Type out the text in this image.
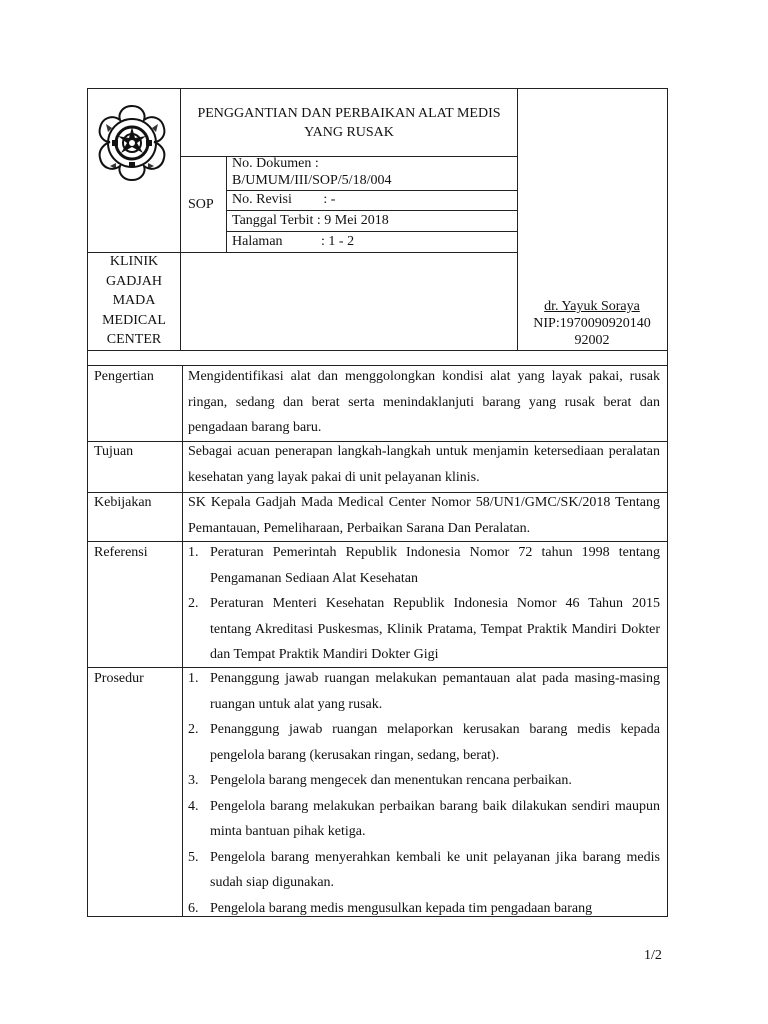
PENGGANTIAN DAN PERBAIKAN ALAT MEDIS YANG RUSAK
SOP
No. Dokumen :
B/UMUM/III/SOP/5/18/004
No. Revisi         : -
Tanggal Terbit : 9 Mei 2018
Halaman           : 1 - 2
KLINIK
GADJAH
MADA
MEDICAL
CENTER
dr. Yayuk Soraya
NIP:1970090920140
92002
Pengertian Mengidentifikasi alat dan menggolongkan kondisi alat yang layak pakai, rusak ringan, sedang dan berat serta menindaklanjuti barang yang rusak berat dan pengadaan barang baru.
Tujuan	Sebagai acuan penerapan langkah-langkah untuk menjamin ketersediaan peralatan kesehatan yang layak pakai di unit pelayanan klinis.
Kebijakan	SK Kepala Gadjah Mada Medical Center Nomor 58/UN1/GMC/SK/2018 Tentang Pemantauan, Pemeliharaan, Perbaikan Sarana Dan Peralatan.
Referensi	1. Peraturan Pemerintah Republik Indonesia Nomor 72 tahun 1998 tentang Pengamanan Sediaan Alat Kesehatan
2. Peraturan Menteri Kesehatan Republik Indonesia Nomor 46 Tahun 2015 tentang Akreditasi Puskesmas, Klinik Pratama, Tempat Praktik Mandiri Dokter dan Tempat Praktik Mandiri Dokter Gigi
Prosedur	1. Penanggung jawab ruangan melakukan pemantauan alat pada masing-masing ruangan untuk alat yang rusak.
2. Penanggung jawab ruangan melaporkan kerusakan barang medis kepada pengelola barang (kerusakan ringan, sedang, berat).
3. Pengelola barang mengecek dan menentukan rencana perbaikan.
4. Pengelola barang melakukan perbaikan barang baik dilakukan sendiri maupun minta bantuan pihak ketiga.
5. Pengelola barang menyerahkan kembali ke unit pelayanan jika barang medis sudah siap digunakan.
6. Pengelola barang medis mengusulkan kepada tim pengadaan barang
1/2
